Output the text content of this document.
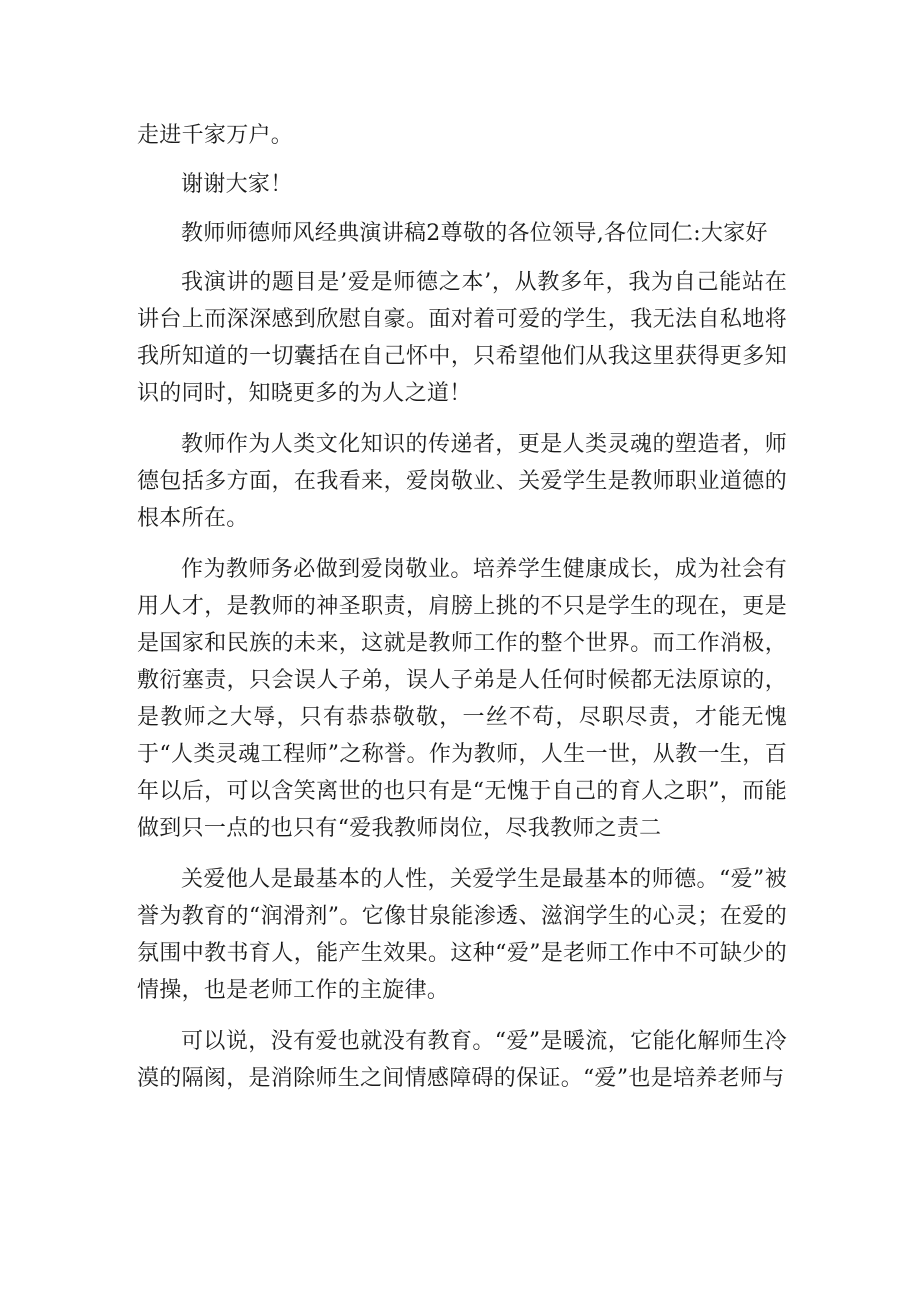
走进千家万户。

谢谢大家！

教师师德师风经典演讲稿2尊敬的各位领导,各位同仁:大家好

我演讲的题目是’爱是师德之本’，从教多年，我为自己能站在讲台上而深深感到欣慰自豪。面对着可爱的学生，我无法自私地将我所知道的一切囊括在自己怀中，只希望他们从我这里获得更多知识的同时，知晓更多的为人之道！

教师作为人类文化知识的传递者，更是人类灵魂的塑造者，师德包括多方面，在我看来，爱岗敬业、关爱学生是教师职业道德的根本所在。

作为教师务必做到爱岗敬业。培养学生健康成长，成为社会有用人才，是教师的神圣职责，肩膀上挑的不只是学生的现在，更是是国家和民族的未来，这就是教师工作的整个世界。而工作消极，敷衍塞责，只会误人子弟，误人子弟是人任何时候都无法原谅的，是教师之大辱，只有恭恭敬敬，一丝不苟，尽职尽责，才能无愧于“人类灵魂工程师”之称誉。作为教师，人生一世，从教一生，百年以后，可以含笑离世的也只有是“无愧于自己的育人之职”，而能做到只一点的也只有“爱我教师岗位，尽我教师之责二

关爱他人是最基本的人性，关爱学生是最基本的师德。“爱”被誉为教育的“润滑剂”。它像甘泉能渗透、滋润学生的心灵；在爱的氛围中教书育人，能产生效果。这种“爱”是老师工作中不可缺少的情操，也是老师工作的主旋律。

可以说，没有爱也就没有教育。“爱”是暖流，它能化解师生冷漠的隔阂，是消除师生之间情感障碍的保证。“爱”也是培养老师与
